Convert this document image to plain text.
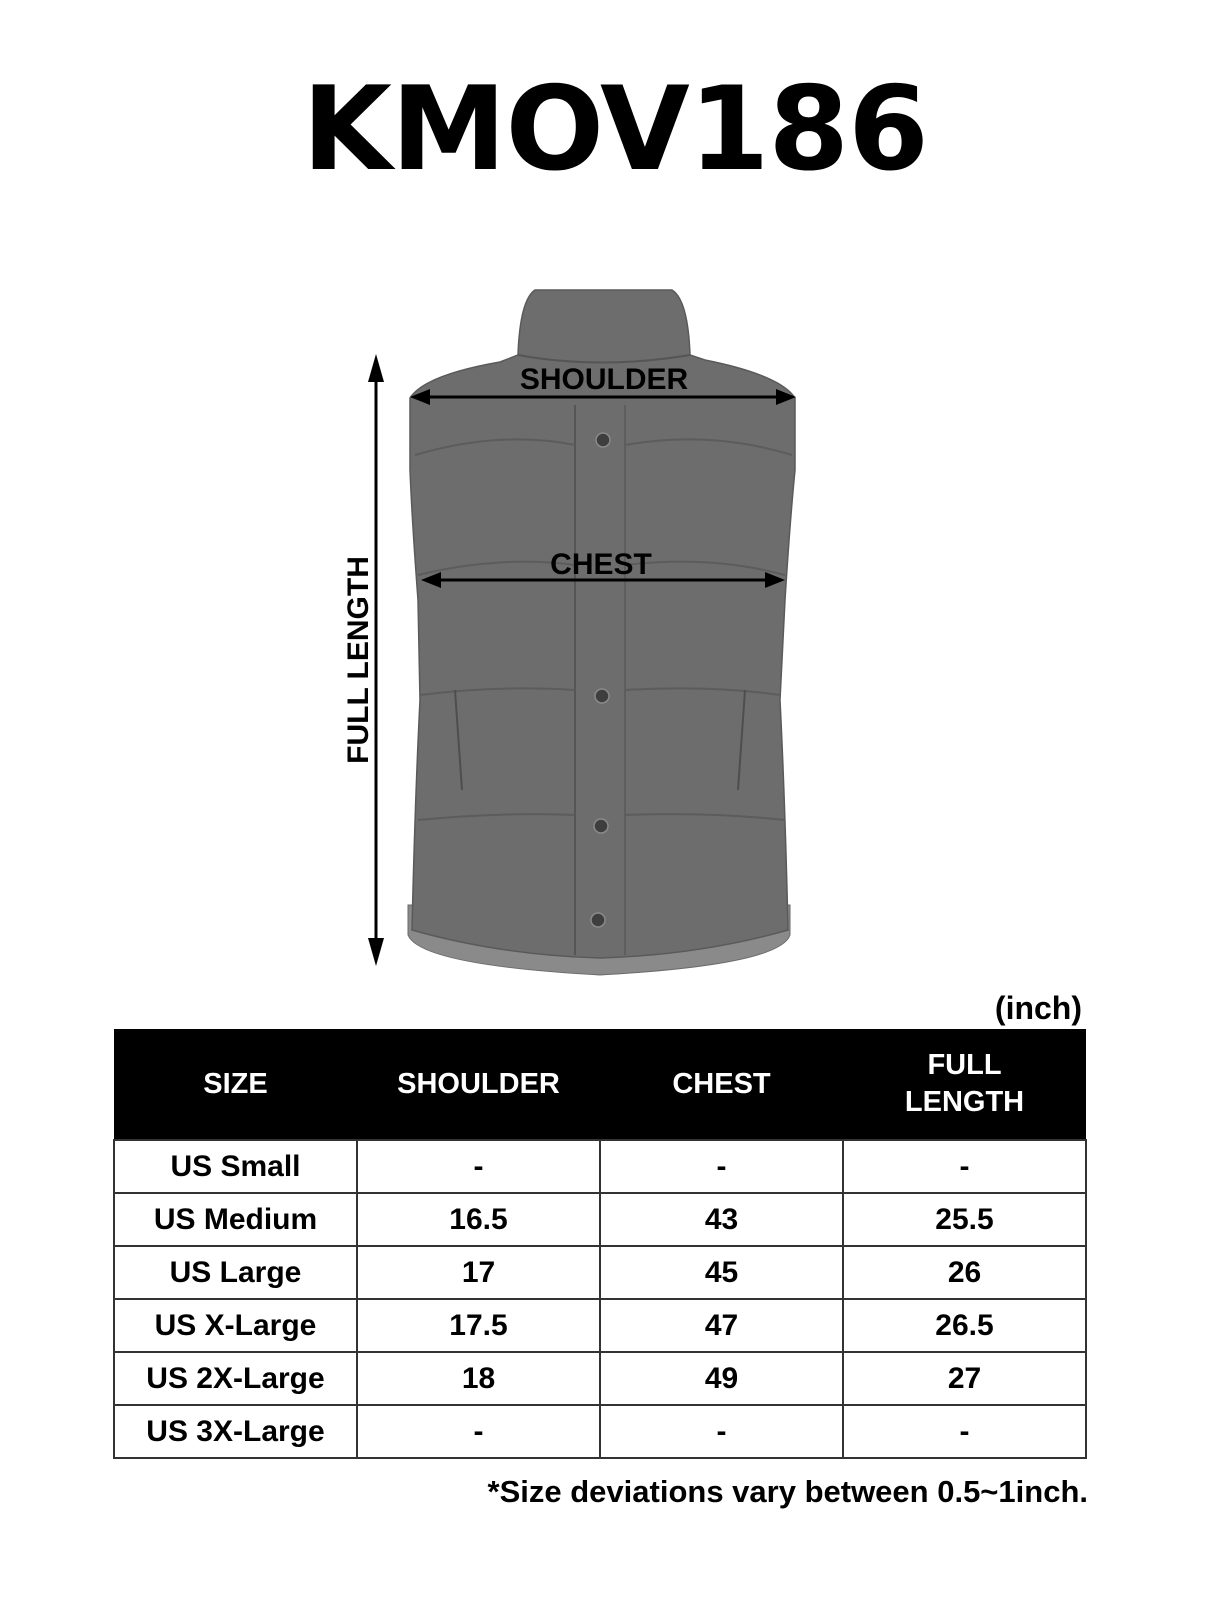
KMOV186
SHOULDER
CHEST
FULL LENGTH
(inch)
SIZE	SHOULDER	CHEST	FULL LENGTH
US Small	-	-	-
US Medium	16.5	43	25.5
US Large	17	45	26
US X-Large	17.5	47	26.5
US 2X-Large	18	49	27
US 3X-Large	-	-	-
*Size deviations vary between 0.5~1inch.
